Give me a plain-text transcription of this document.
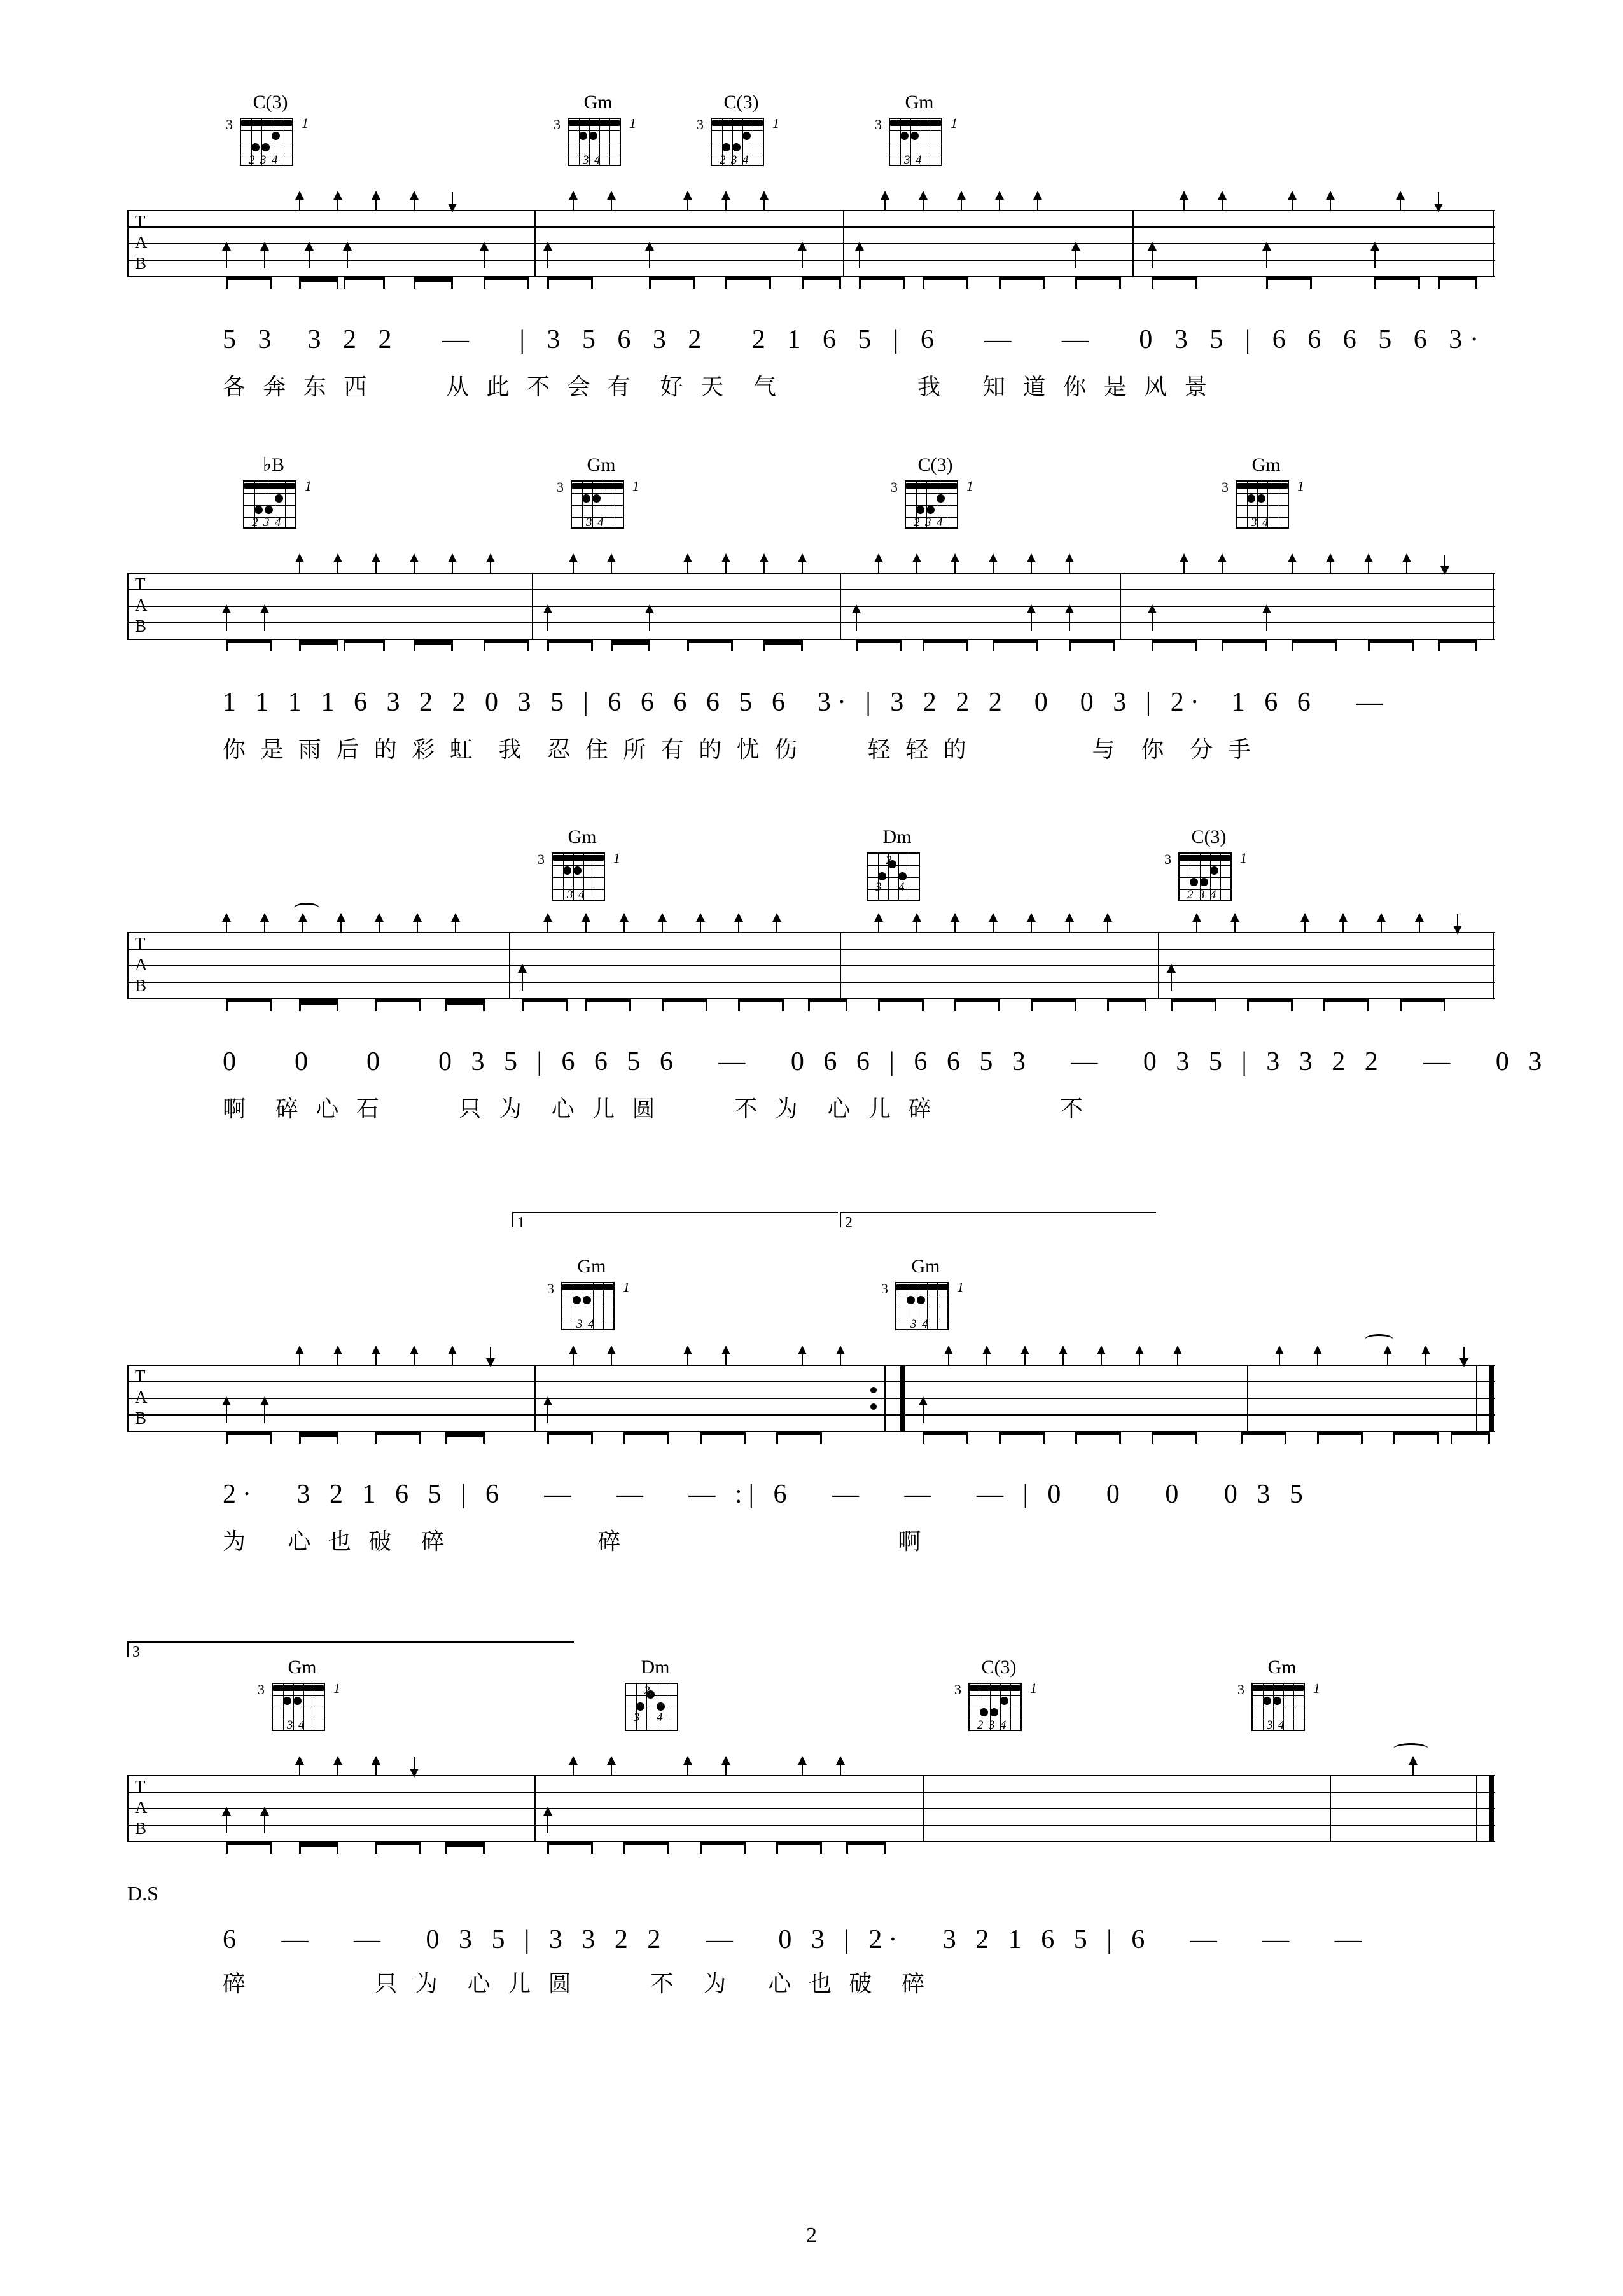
C(3)
3	1
2 3 4
Gm
3	1
3 4
C(3)
3	1
2 3 4
Gm
3	1
3 4
T
A
B
5 3  3 2 2   —   | 3 5 6 3 2   2 1 6 5 | 6   —   —   0 3 5 | 6 6 6 5 6 3·
各 奔 东 西      从 此 不 会 有  好 天  气           我   知 道 你 是 风 景
♭B
1
2 3 4
Gm
3	1
3 4
C(3)
3	1
2 3 4
Gm
3	1
3 4
T
A
B
1 1 1 1 6 3 2 2 0 3 5 | 6 6 6 6 5 6  3· | 3 2 2 2  0  0 3 | 2·  1 6 6   —
你 是 雨 后 的 彩 虹  我  忍 住 所 有 的 忧 伤      轻 轻 的           与  你  分 手
Gm
3	1
3 4
Dm
2
3 4
C(3)
3	1
2 3 4
T
A
B
0    0    0    0 3 5 | 6 6 5 6   —   0 6 6 | 6 6 5 3   —   0 3 5 | 3 3 2 2   —   0 3
啊  碎 心 石      只 为  心 儿 圆      不 为  心 儿 碎          不
1	2
Gm
3	1
3 4
Gm
3	1
3 4
T
A
B
2·   3 2 1 6 5 | 6   —   —   — :| 6   —   —   — | 0   0   0   0 3 5
为   心 也 破  碎            碎                      啊
3
Gm
3	1
3 4
Dm
2
3 4
C(3)
3	1
2 3 4
Gm
3	1
3 4
T
A
B
D.S
6   —   —   0 3 5 | 3 3 2 2   —   0 3 | 2·   3 2 1 6 5 | 6   —   —   —
碎          只 为  心 儿 圆      不  为   心 也 破  碎
2
